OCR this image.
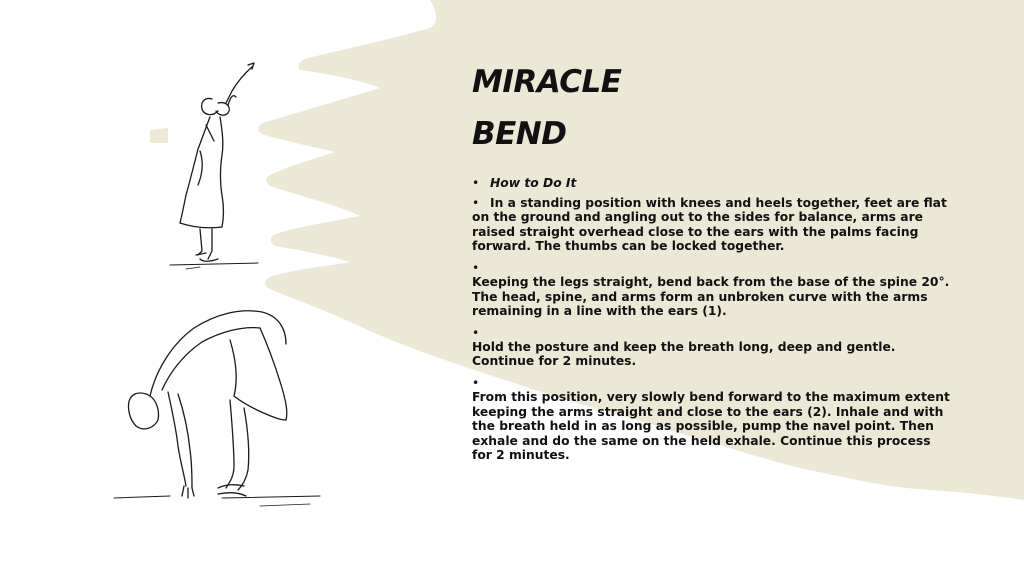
MIRACLE
BEND
• How to Do It
• In a standing position with knees and heels together, feet are flat on the ground and angling out to the sides for balance, arms are raised straight overhead close to the ears with the palms facing forward. The thumbs can be locked together.
•
Keeping the legs straight, bend back from the base of the spine 20°. The head, spine, and arms form an unbroken curve with the arms remaining in a line with the ears (1).
•
Hold the posture and keep the breath long, deep and gentle. Continue for 2 minutes.
•
From this position, very slowly bend forward to the maximum extent keeping the arms straight and close to the ears (2). Inhale and with the breath held in as long as possible, pump the navel point. Then exhale and do the same on the held exhale. Continue this process for 2 minutes.
